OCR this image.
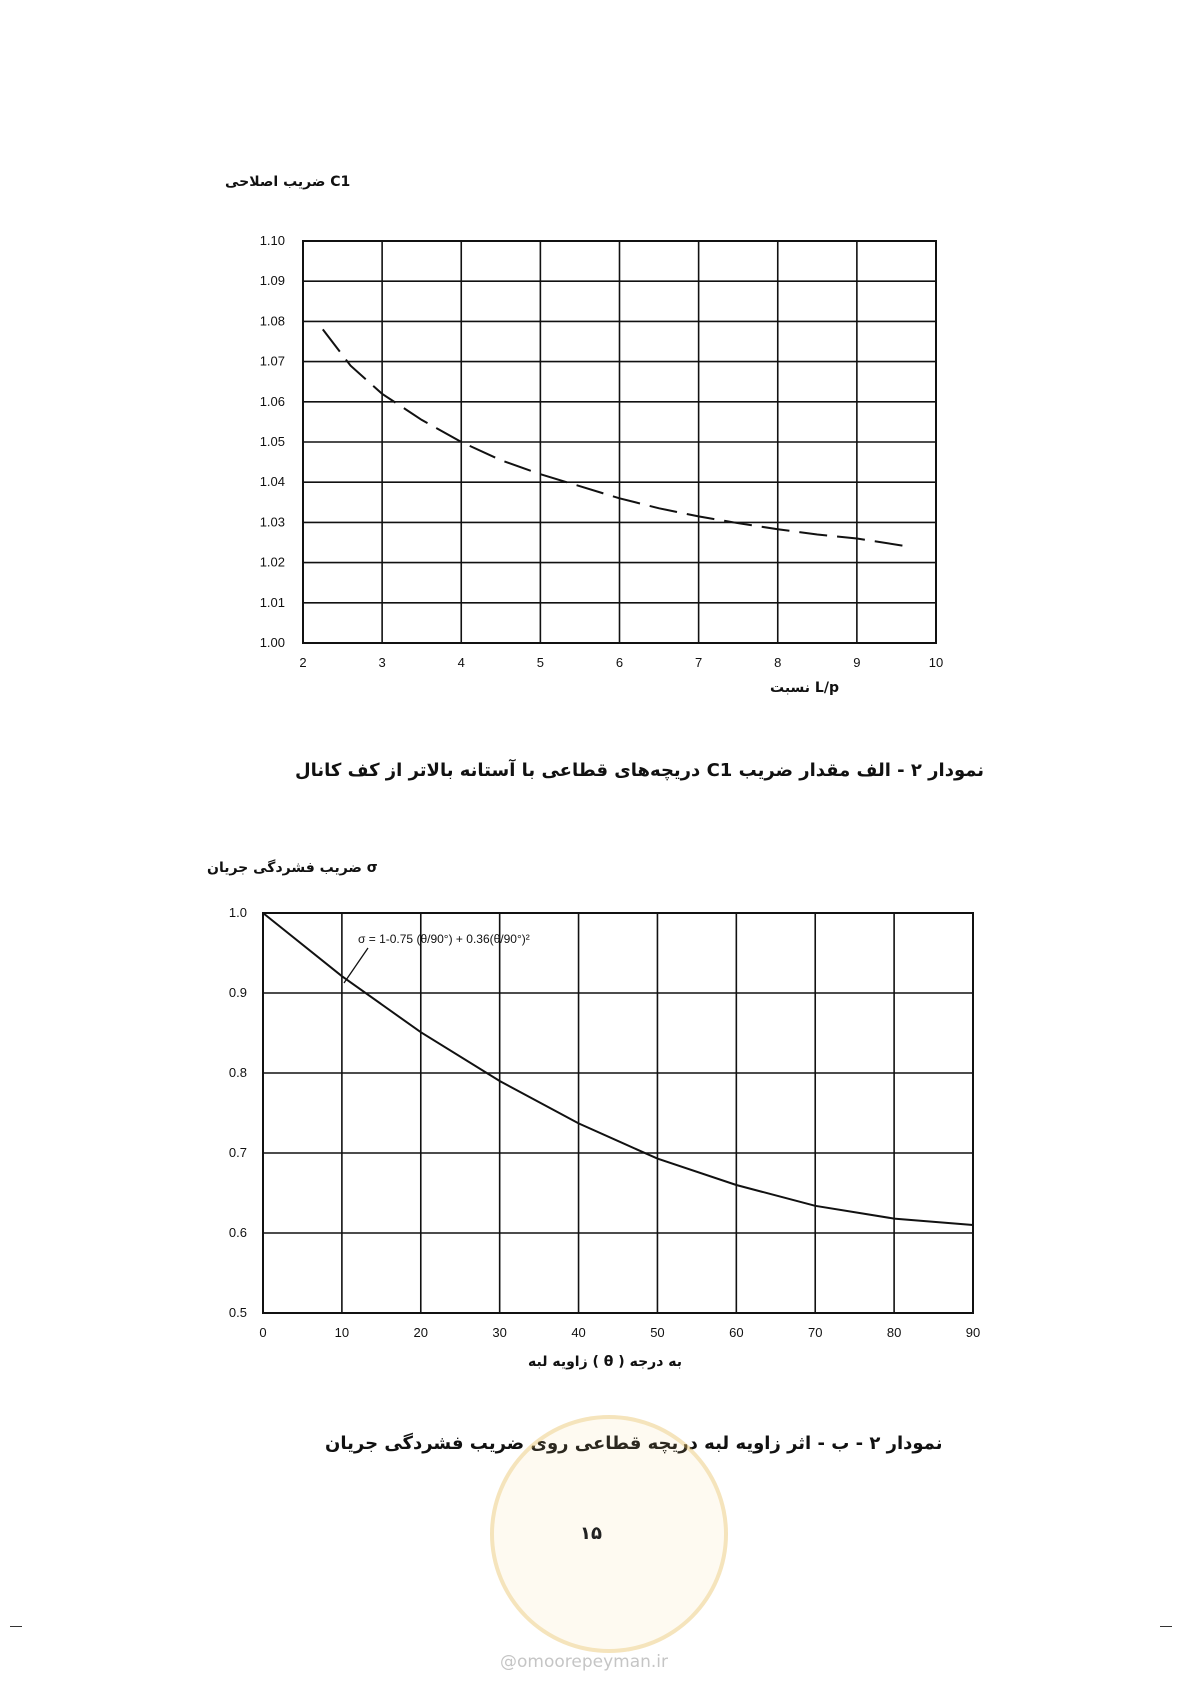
ضریب اصلاحی C1
2	3	4	5	6	7	8	9	10
1.00
1.01
1.02
1.03
1.04
1.05
1.06
1.07
1.08
1.09
1.10
نسبت L/p
نمودار ۲ - الف مقدار ضریب C1 دریچه‌های قطاعی با آستانه بالاتر از کف کانال
ضریب فشردگی جریان σ
0	10	20	30	40	50	60	70	80	90
0.5
0.6
0.7
0.8
0.9
1.0
σ = 1-0.75 (θ/90°) + 0.36(θ/90°)²
زاویه لبه ( θ ) به درجه
نمودار ۲ - ب - اثر زاویه لبه دریچه قطاعی روی ضریب فشردگی جریان
۱۵
@omoorepeyman.ir
